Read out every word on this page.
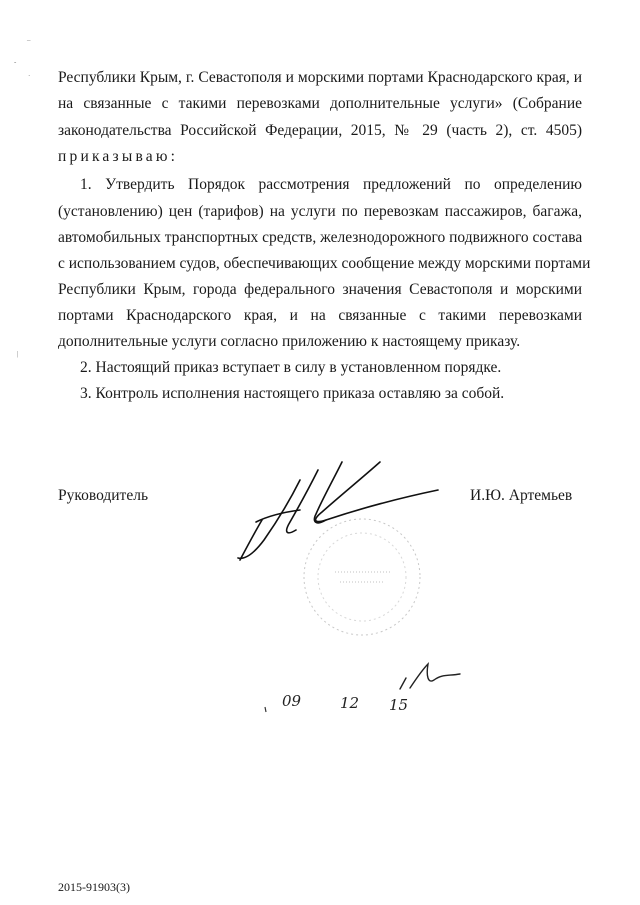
–
-
·
|
Республики Крым, г. Севастополя и морскими портами Краснодарского края, и
на связанные с такими перевозками дополнительные услуги» (Собрание
законодательства Российской Федерации, 2015, № 29 (часть 2), ст. 4505)
приказываю:
1. Утвердить Порядок рассмотрения предложений по определению
(установлению) цен (тарифов) на услуги по перевозкам пассажиров, багажа,
автомобильных транспортных средств, железнодорожного подвижного состава
с использованием судов, обеспечивающих сообщение между морскими портами
Республики Крым, города федерального значения Севастополя и морскими
портами Краснодарского края, и на связанные с такими перевозками
дополнительные услуги согласно приложению к настоящему приказу.
2. Настоящий приказ вступает в силу в установленном порядке.
3. Контроль исполнения настоящего приказа оставляю за собой.
Руководитель	И.Ю. Артемьев
09	12 15
2015-91903(3)
